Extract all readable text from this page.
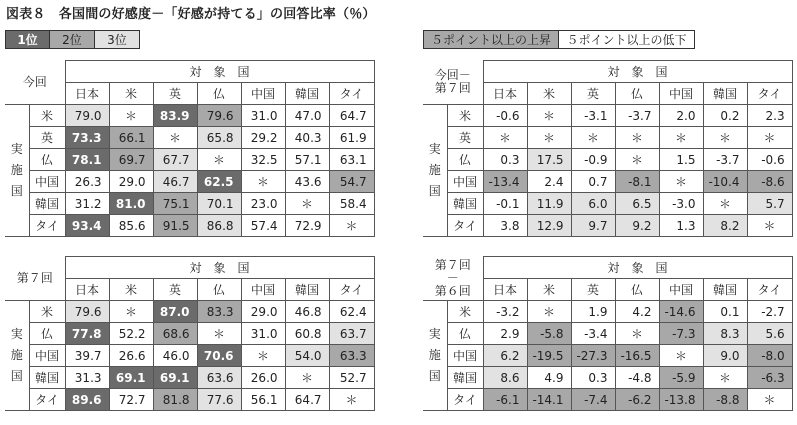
図表８　各国間の好感度－「好感が持てる」の回答比率（％）
1位	2位	3位	５ポイント以上の上昇	５ポイント以上の低下
今回		対　象　国						
		日本	米	英	仏	中国	韓国	タイ

実
施
国	米	79.0	＊	83.9	79.6	31.0	47.0	64.7
	英	73.3	66.1	＊	65.8	29.2	40.3	61.9
	仏	78.1	69.7	67.7	＊	32.5	57.1	63.1
	中国	26.3	29.0	46.7	62.5	＊	43.6	54.7
	韓国	31.2	81.0	75.1	70.1	23.0	＊	58.4
	タイ	93.4	85.6	91.5	86.8	57.4	72.9	＊
今回－
第７回		対　象　国						
		日本	米	英	仏	中国	韓国	タイ

実
施
国	米	-0.6	＊	-3.1	-3.7	2.0	0.2	2.3
	英	＊	＊	＊	＊	＊	＊	＊
	仏	0.3	17.5	-0.9	＊	1.5	-3.7	-0.6
	中国	-13.4	2.4	0.7	-8.1	＊	-10.4	-8.6
	韓国	-0.1	11.9	6.0	6.5	-3.0	＊	5.7
	タイ	3.8	12.9	9.7	9.2	1.3	8.2	＊
第７回		対　象　国						
		日本	米	英	仏	中国	韓国	タイ

実
施
国	米	79.6	＊	87.0	83.3	29.0	46.8	62.4
	仏	77.8	52.2	68.6	＊	31.0	60.8	63.7
	中国	39.7	26.6	46.0	70.6	＊	54.0	63.3
	韓国	31.3	69.1	69.1	63.6	26.0	＊	52.7
	タイ	89.6	72.7	81.8	77.6	56.1	64.7	＊
第７回
－
第６回		対　象　国						
		日本	米	英	仏	中国	韓国	タイ

実
施
国	米	-3.2	＊	1.9	4.2	-14.6	0.1	-2.7
	仏	2.9	-5.8	-3.4	＊	-7.3	8.3	5.6
	中国	6.2	-19.5	-27.3	-16.5	＊	9.0	-8.0
	韓国	8.6	4.9	0.3	-4.8	-5.9	＊	-6.3
	タイ	-6.1	-14.1	-7.4	-6.2	-13.8	-8.8	＊
